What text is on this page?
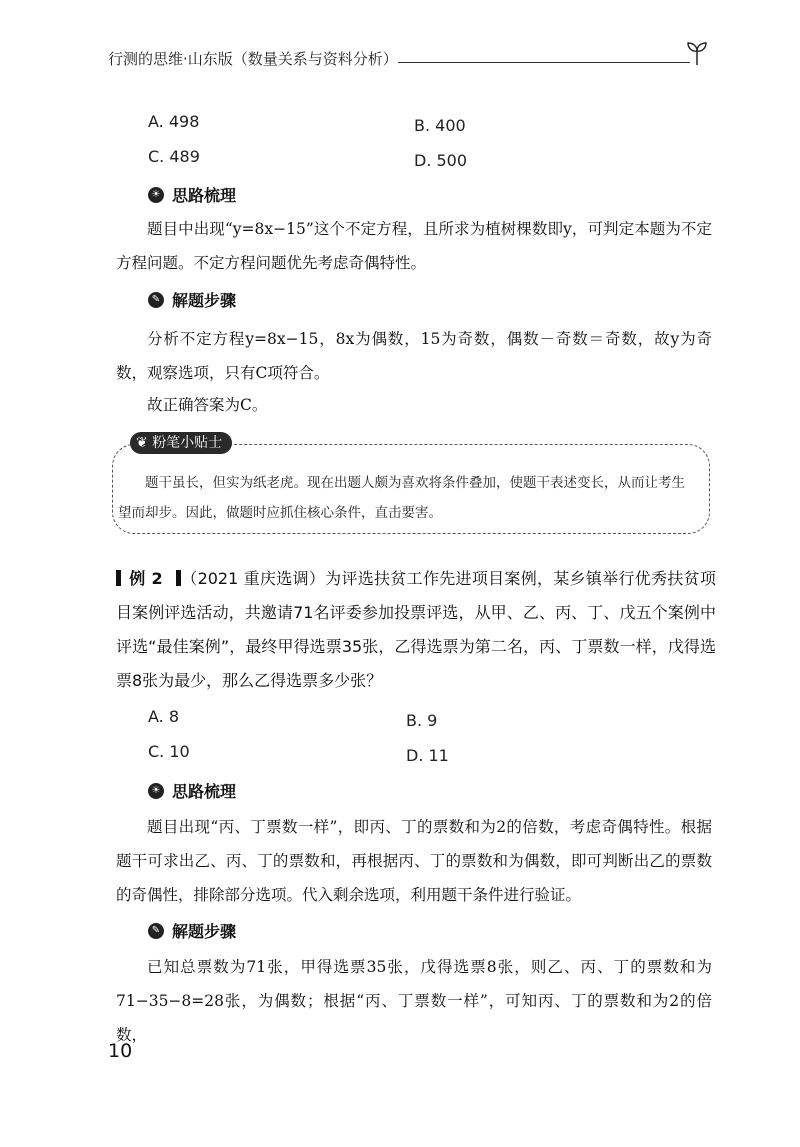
行测的思维·山东版（数量关系与资料分析）
A. 498	B. 400
C. 489	D. 500
☀ 思路梳理

题目中出现“y=8x−15”这个不定方程，且所求为植树棵数即y，可判定本题为不定方程问题。不定方程问题优先考虑奇偶特性。

✎ 解题步骤

分析不定方程y=8x−15，8x为偶数，15为奇数，偶数－奇数＝奇数，故y为奇数，观察选项，只有C项符合。

故正确答案为C。

❦ 粉笔小贴士

题干虽长，但实为纸老虎。现在出题人颇为喜欢将条件叠加，使题干表述变长，从而让考生望而却步。因此，做题时应抓住核心条件，直击要害。

例 2 （2021 重庆选调）为评选扶贫工作先进项目案例，某乡镇举行优秀扶贫项目案例评选活动，共邀请71名评委参加投票评选，从甲、乙、丙、丁、戊五个案例中评选“最佳案例”，最终甲得选票35张，乙得选票为第二名，丙、丁票数一样，戊得选票8张为最少，那么乙得选票多少张？

A. 8	B. 9
C. 10	D. 11
☀ 思路梳理

题目出现“丙、丁票数一样”，即丙、丁的票数和为2的倍数，考虑奇偶特性。根据题干可求出乙、丙、丁的票数和，再根据丙、丁的票数和为偶数，即可判断出乙的票数的奇偶性，排除部分选项。代入剩余选项，利用题干条件进行验证。

✎ 解题步骤

已知总票数为71张，甲得选票35张，戊得选票8张，则乙、丙、丁的票数和为71−35−8=28张，为偶数；根据“丙、丁票数一样”，可知丙、丁的票数和为2的倍数，

10
